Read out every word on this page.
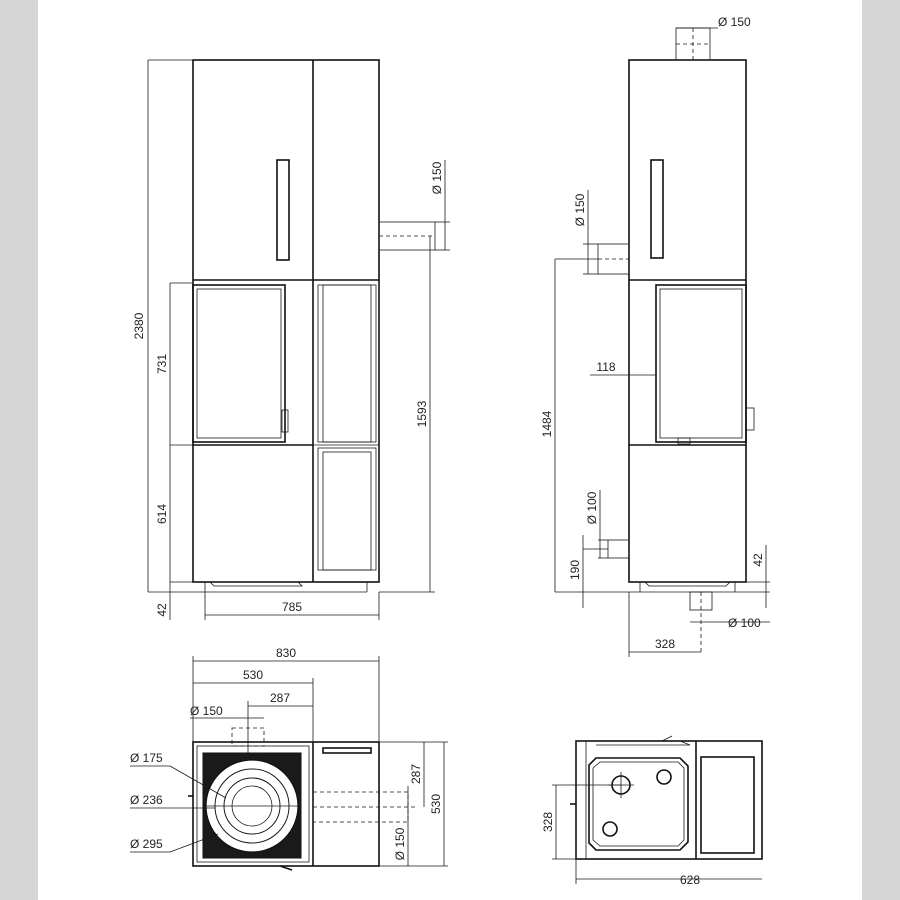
2380
731
614
42	785
Ø 150
1593
Ø 150
Ø 150
1484
118
Ø 100
190	42
Ø 100
328
830
530
287
Ø 150
Ø 175
Ø 236
Ø 295
287
530
Ø 150
328
628
